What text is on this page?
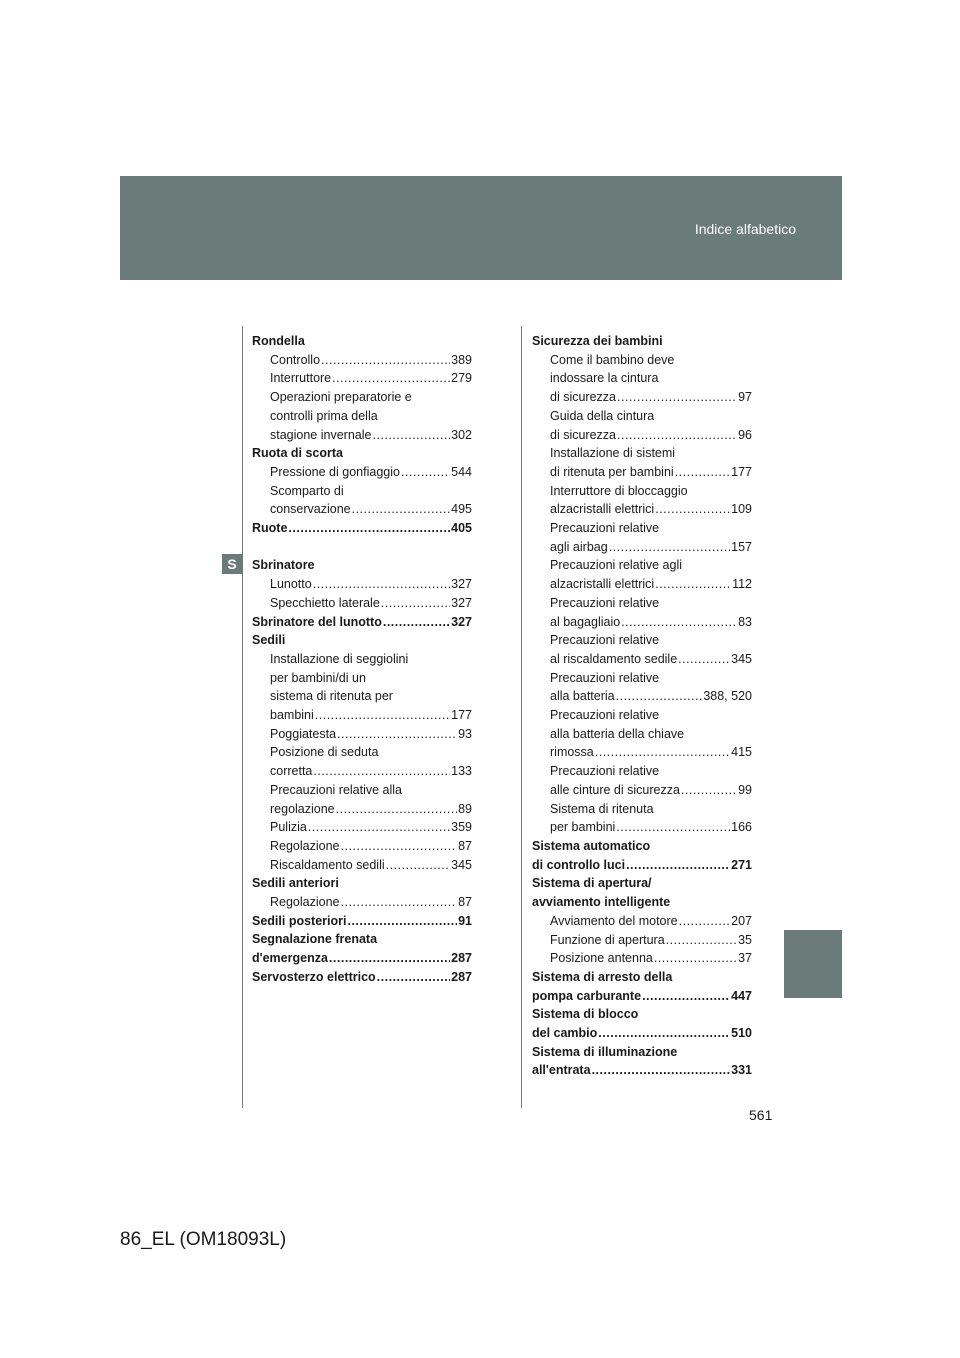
Indice alfabetico
S
Rondella
Controllo .....	389
Interruttore .....	279
Operazioni preparatorie e
controlli prima della
stagione invernale .....	302
Ruota di scorta
Pressione di gonfiaggio .....	544
Scomparto di
conservazione .....	495
Ruote .....	405
Sbrinatore
Lunotto .....	327
Specchietto laterale .....	327
Sbrinatore del lunotto .....	327
Sedili
Installazione di seggiolini
per bambini/di un
sistema di ritenuta per
bambini .....	177
Poggiatesta .....	93
Posizione di seduta
corretta .....	133
Precauzioni relative alla
regolazione .....	89
Pulizia .....	359
Regolazione .....	87
Riscaldamento sedili .....	345
Sedili anteriori
Regolazione .....	87
Sedili posteriori .....	91
Segnalazione frenata
d'emergenza .....	287
Servosterzo elettrico .....	287
Sicurezza dei bambini
Come il bambino deve
indossare la cintura
di sicurezza .....	97
Guida della cintura
di sicurezza .....	96
Installazione di sistemi
di ritenuta per bambini .....	177
Interruttore di bloccaggio
alzacristalli elettrici .....	109
Precauzioni relative
agli airbag .....	157
Precauzioni relative agli
alzacristalli elettrici .....	112
Precauzioni relative
al bagagliaio .....	83
Precauzioni relative
al riscaldamento sedile .....	345
Precauzioni relative
alla batteria .....	388, 520
Precauzioni relative
alla batteria della chiave
rimossa .....	415
Precauzioni relative
alle cinture di sicurezza .....	99
Sistema di ritenuta
per bambini .....	166
Sistema automatico
di controllo luci .....	271
Sistema di apertura/
avviamento intelligente
Avviamento del motore .....	207
Funzione di apertura .....	35
Posizione antenna .....	37
Sistema di arresto della
pompa carburante .....	447
Sistema di blocco
del cambio .....	510
Sistema di illuminazione
all'entrata .....	331
561
86_EL (OM18093L)
